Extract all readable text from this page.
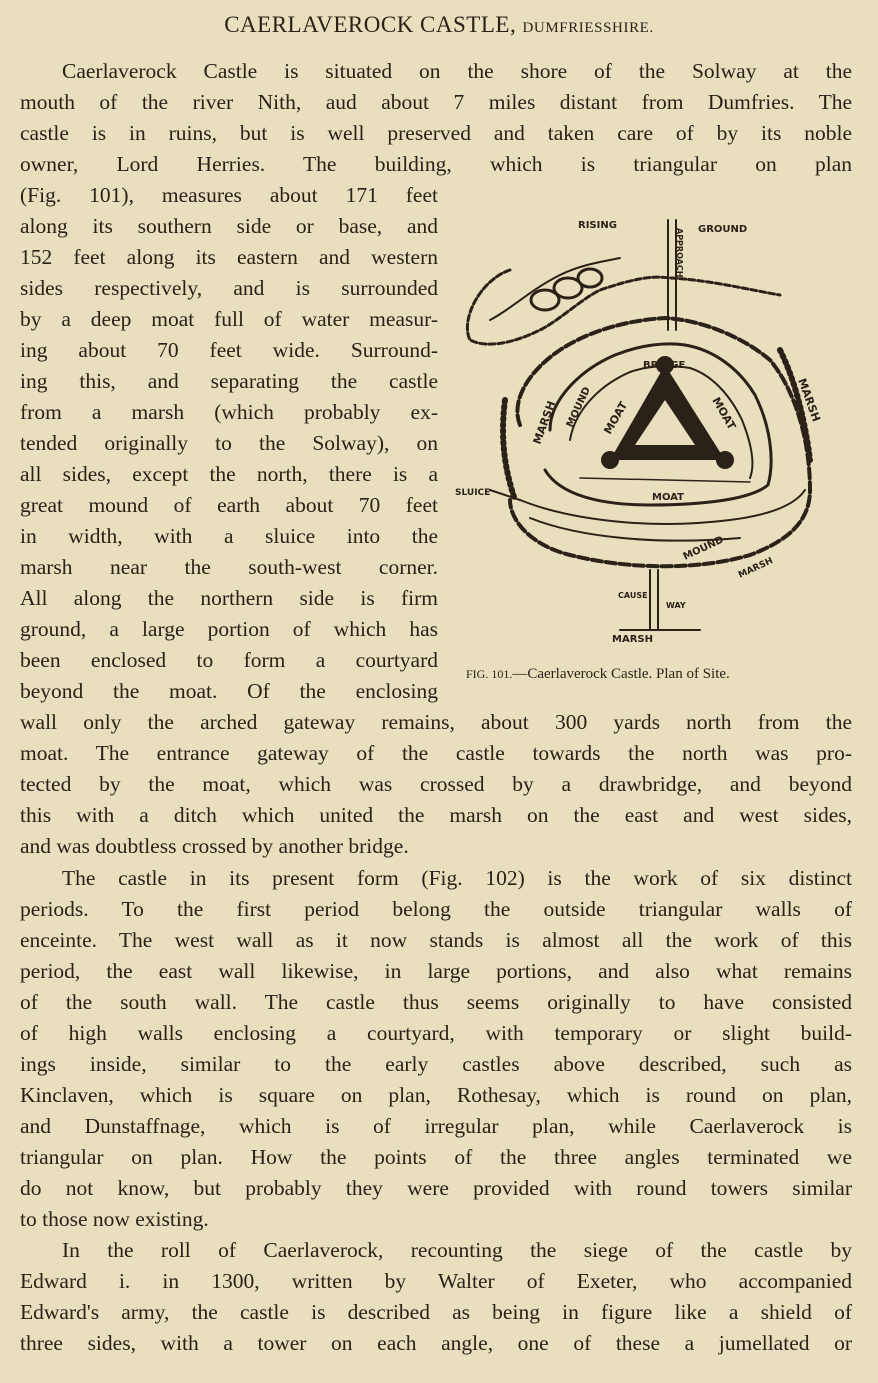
CAERLAVEROCK CASTLE, DUMFRIESSHIRE.
Caerlaverock Castle is situated on the shore of the Solway at the
mouth of the river Nith, aud about 7 miles distant from Dumfries. The
castle is in ruins, but is well preserved and taken care of by its noble
owner, Lord Herries. The building, which is triangular on plan
(Fig. 101), measures about 171 feet
along its southern side or base, and
152 feet along its eastern and western
sides respectively, and is surrounded
by a deep moat full of water measur-
ing about 70 feet wide. Surround-
ing this, and separating the castle
from a marsh (which probably ex-
tended originally to the Solway), on
all sides, except the north, there is a
great mound of earth about 70 feet
in width, with a sluice into the
marsh near the south-west corner.
All along the northern side is firm
ground, a large portion of which has
been enclosed to form a courtyard
beyond the moat. Of the enclosing
wall only the arched gateway remains, about 300 yards north from the
moat. The entrance gateway of the castle towards the north was pro-
tected by the moat, which was crossed by a drawbridge, and beyond
this with a ditch which united the marsh on the east and west sides,
and was doubtless crossed by another bridge.
The castle in its present form (Fig. 102) is the work of six distinct
periods. To the first period belong the outside triangular walls of
enceinte. The west wall as it now stands is almost all the work of this
period, the east wall likewise, in large portions, and also what remains
of the south wall. The castle thus seems originally to have consisted
of high walls enclosing a courtyard, with temporary or slight build-
ings inside, similar to the early castles above described, such as
Kinclaven, which is square on plan, Rothesay, which is round on plan,
and Dunstaffnage, which is of irregular plan, while Caerlaverock is
triangular on plan. How the points of the three angles terminated we
do not know, but probably they were provided with round towers similar
to those now existing.
In the roll of Caerlaverock, recounting the siege of the castle by
Edward i. in 1300, written by Walter of Exeter, who accompanied
Edward's army, the castle is described as being in figure like a shield of
three sides, with a tower on each angle, one of these a jumellated or
RISING	GROUND
APPROACH
BRIDGE
MARSH MOUND MOAT	MOAT	MARSH
SLUICE	MOAT
MOUND
MARSH
CAUSE
WAY
MARSH
FIG. 101.—Caerlaverock Castle. Plan of Site.
